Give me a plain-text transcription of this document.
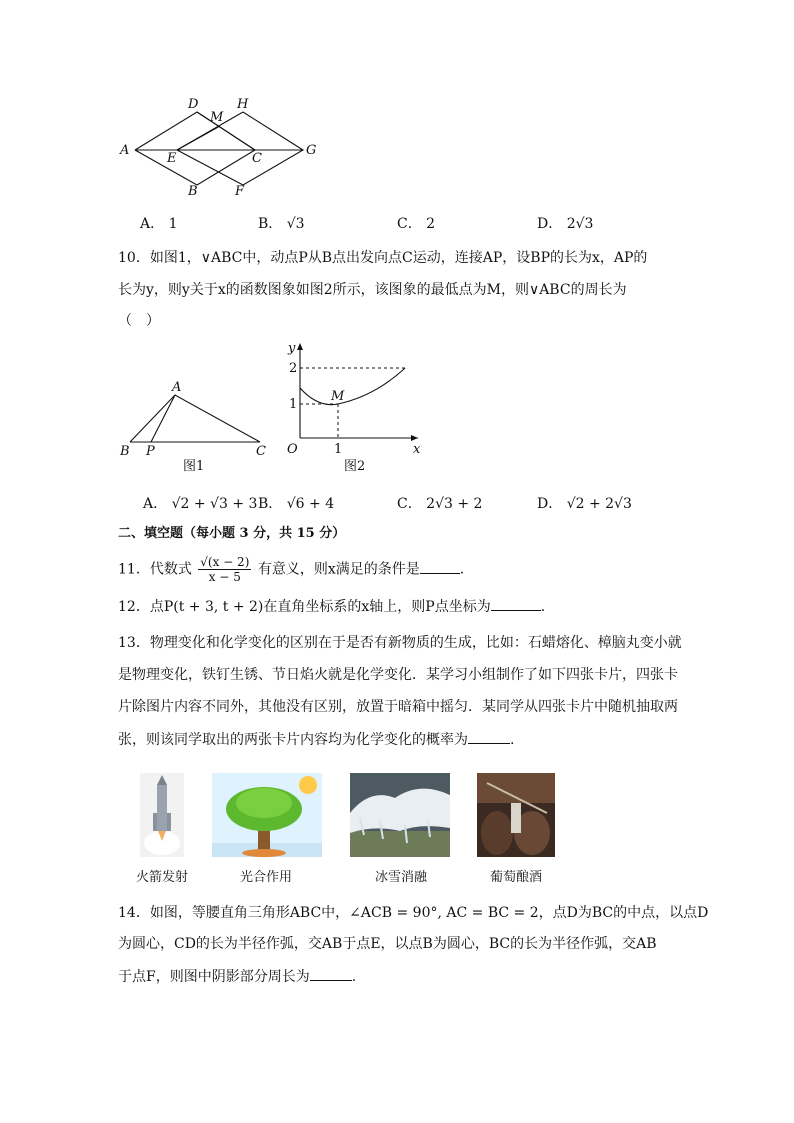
A
D	H
M
E	C
G
B	F
A． 1	B． √3	C． 2	D． 2√3
10．如图1，∨ABC中，动点P从B点出发向点C运动，连接AP，设BP的长为x，AP的
长为y，则y关于x的函数图象如图2所示，该图象的最低点为M，则∨ABC的周长为
（　）
A
B P	C
图1
y
x
O
2
1
1
M
图2
A． √2 + √3 + 3 B． √6 + 4	C． 2√3 + 2	D． √2 + 2√3
二、填空题（每小题 3 分，共 15 分）
11．代数式 $\frac{√(x - 2)}{x - 5}$ 有意义，则x满足的条件是	.
12．点P(t + 3, t + 2)在直角坐标系的x轴上，则P点坐标为	.
13．物理变化和化学变化的区别在于是否有新物质的生成，比如：石蜡熔化、樟脑丸变小就
是物理变化，铁钉生锈、节日焰火就是化学变化．某学习小组制作了如下四张卡片，四张卡
片除图片内容不同外，其他没有区别，放置于暗箱中摇匀．某同学从四张卡片中随机抽取两
张，则该同学取出的两张卡片内容均为化学变化的概率为	.
火箭发射	光合作用	冰雪消融	葡萄酿酒
14．如图，等腰直角三角形ABC中，∠ACB = 90°, AC = BC = 2，点D为BC的中点，以点D
为圆心，CD的长为半径作弧，交AB于点E，以点B为圆心，BC的长为半径作弧，交AB
于点F，则图中阴影部分周长为	.
